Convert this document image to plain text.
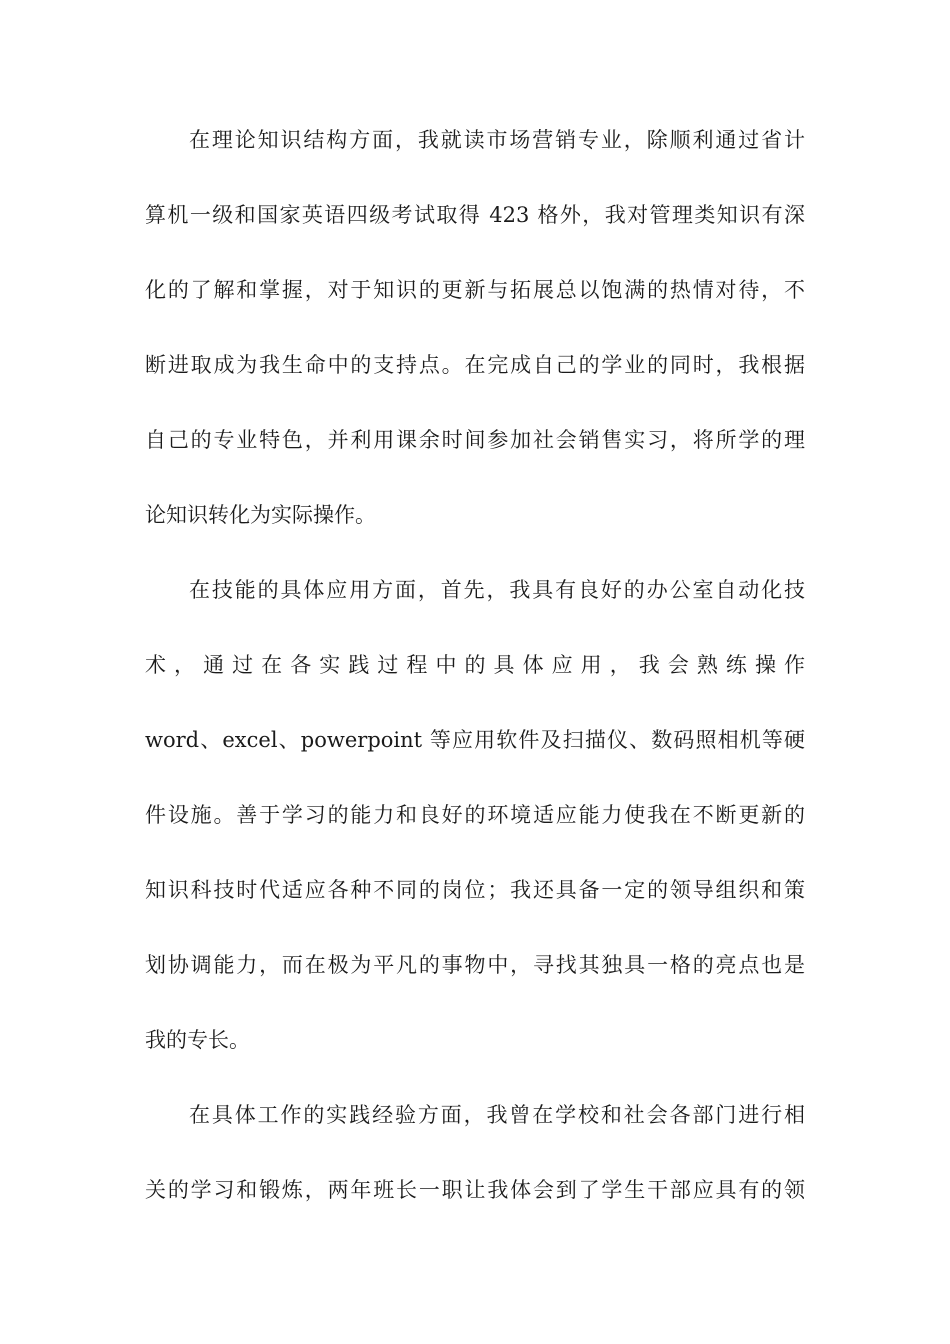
在理论知识结构方面，我就读市场营销专业，除顺利通过省计
算机一级和国家英语四级考试取得 423 格外，我对管理类知识有深
化的了解和掌握，对于知识的更新与拓展总以饱满的热情对待，不
断进取成为我生命中的支持点。在完成自己的学业的同时，我根据
自己的专业特色，并利用课余时间参加社会销售实习，将所学的理
论知识转化为实际操作。
在技能的具体应用方面，首先，我具有良好的办公室自动化技
术，通过在各实践过程中的具体应用，我会熟练操作
word、excel、powerpoint 等应用软件及扫描仪、数码照相机等硬
件设施。善于学习的能力和良好的环境适应能力使我在不断更新的
知识科技时代适应各种不同的岗位；我还具备一定的领导组织和策
划协调能力，而在极为平凡的事物中，寻找其独具一格的亮点也是
我的专长。
在具体工作的实践经验方面，我曾在学校和社会各部门进行相
关的学习和锻炼，两年班长一职让我体会到了学生干部应具有的领
